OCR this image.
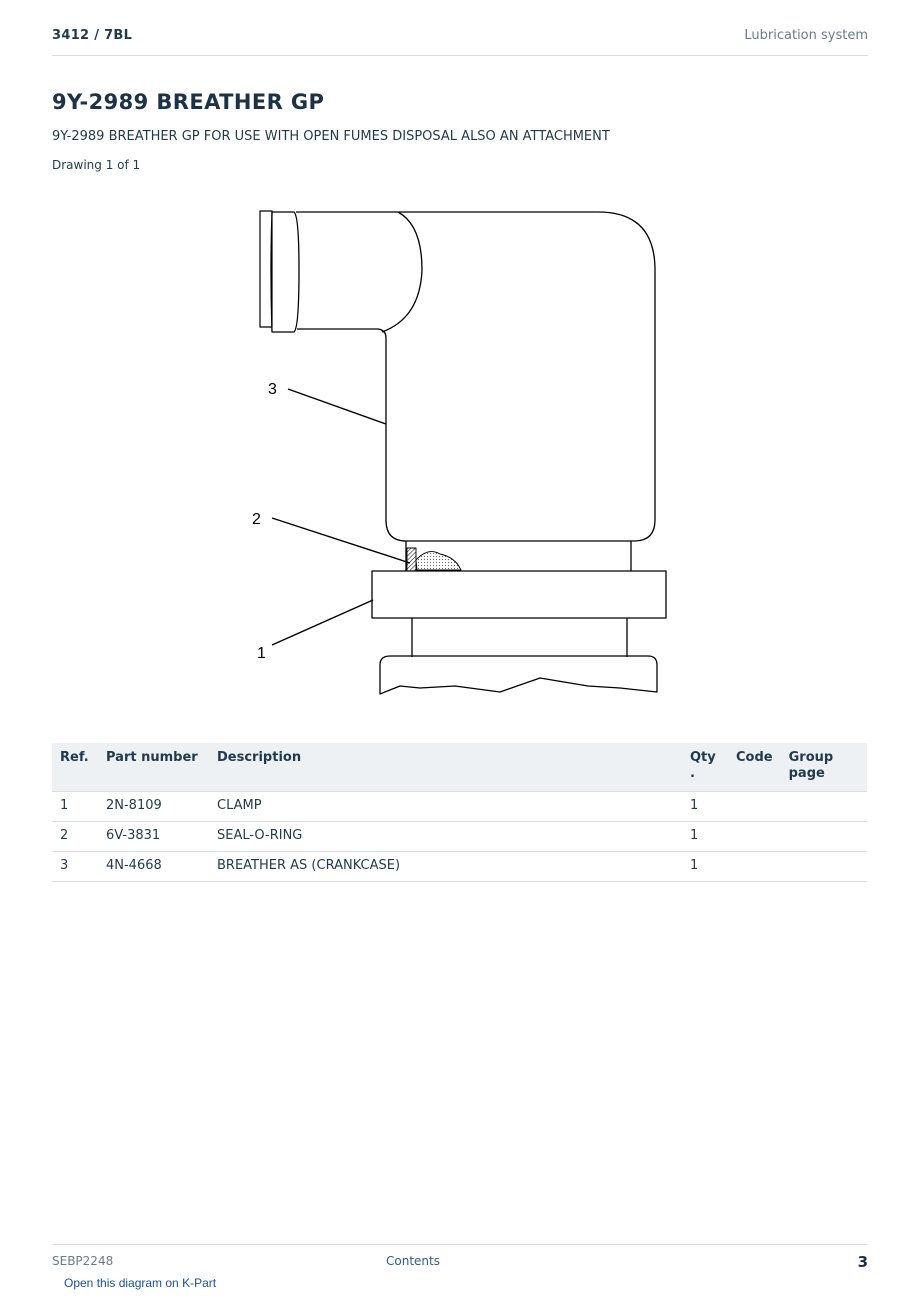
3412 / 7BL	Lubrication system
9Y-2989 BREATHER GP
9Y-2989 BREATHER GP FOR USE WITH OPEN FUMES DISPOSAL ALSO AN ATTACHMENT
Drawing 1 of 1
3
2
1
Ref.	Part number	Description	Qty .	Code	Group page
1	2N-8109	CLAMP	1		
2	6V-3831	SEAL-O-RING	1		
3	4N-4668	BREATHER AS (CRANKCASE)	1		
SEBP2248	Contents	3
Open this diagram on K-Part
